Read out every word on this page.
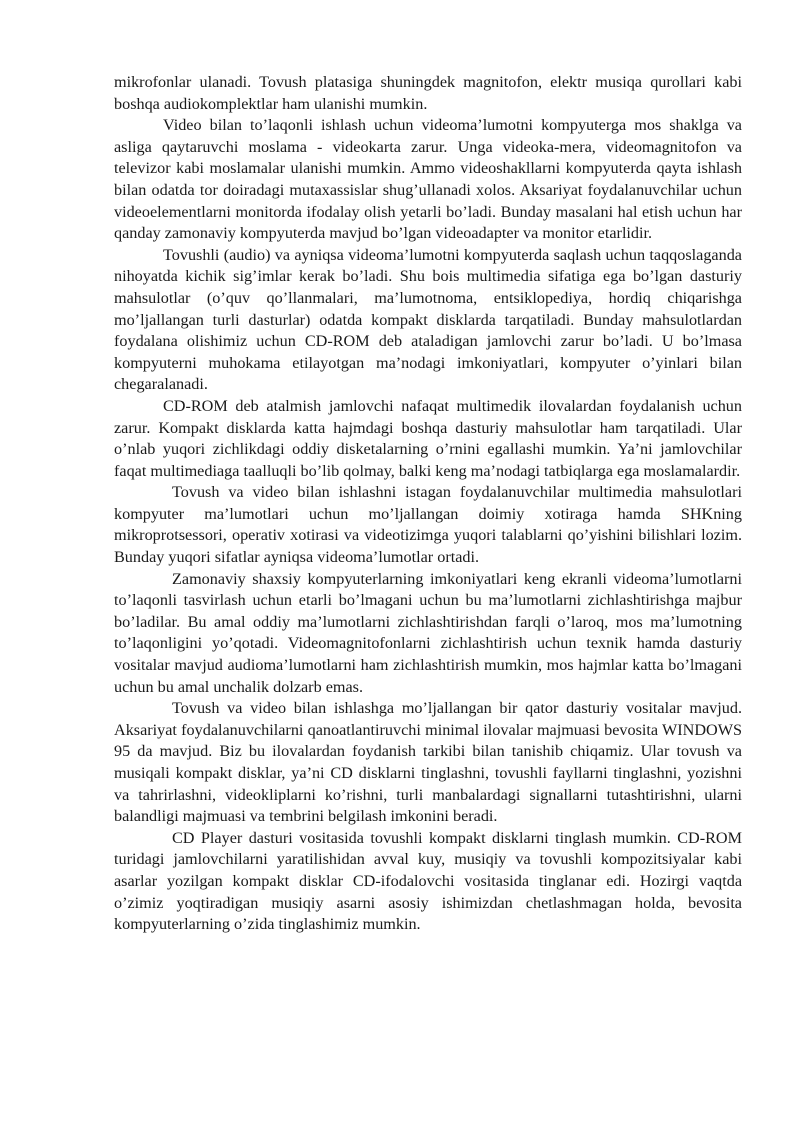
mikrofonlar ulanadi. Tovush platasiga shuningdek magnitofon, elektr musiqa qurollari kabi boshqa audiokomplektlar ham ulanishi mumkin.

Video bilan to’laqonli ishlash uchun videoma’lumotni kompyuterga mos shaklga va asliga qaytaruvchi moslama - videokarta zarur. Unga videoka-mera, videomagnitofon va televizor kabi moslamalar ulanishi mumkin. Ammo videoshakllarni kompyuterda qayta ishlash bilan odatda tor doiradagi mutaxassislar shug’ullanadi xolos. Aksariyat foydalanuvchilar uchun videoelementlarni monitorda ifodalay olish yetarli bo’ladi. Bunday masalani hal etish uchun har qanday zamonaviy kompyuterda mavjud bo’lgan videoadapter va monitor etarlidir.

Tovushli (audio) va ayniqsa videoma’lumotni kompyuterda saqlash uchun taqqoslaganda nihoyatda kichik sig’imlar kerak bo’ladi. Shu bois multimedia sifatiga ega bo’lgan dasturiy mahsulotlar (o’quv qo’llanmalari, ma’lumotnoma, entsiklopediya, hordiq chiqarishga mo’ljallangan turli dasturlar) odatda kompakt disklarda tarqatiladi. Bunday mahsulotlardan foydalana olishimiz uchun CD-ROM deb ataladigan jamlovchi zarur bo’ladi. U bo’lmasa kompyuterni muhokama etilayotgan ma’nodagi imkoniyatlari, kompyuter o’yinlari bilan chegaralanadi.

CD-ROM deb atalmish jamlovchi nafaqat multimedik ilovalardan foydalanish uchun zarur. Kompakt disklarda katta hajmdagi boshqa dasturiy mahsulotlar ham tarqatiladi. Ular o’nlab yuqori zichlikdagi oddiy disketalarning o’rnini egallashi mumkin. Ya’ni jamlovchilar faqat multimediaga taalluqli bo’lib qolmay, balki keng ma’nodagi tatbiqlarga ega moslamalardir.

Tovush va video bilan ishlashni istagan foydalanuvchilar multimedia mahsulotlari kompyuter ma’lumotlari uchun mo’ljallangan doimiy xotiraga hamda SHKning mikroprotsessori, operativ xotirasi va videotizimga yuqori talablarni qo’yishini bilishlari lozim. Bunday yuqori sifatlar ayniqsa videoma’lumotlar ortadi.

Zamonaviy shaxsiy kompyuterlarning imkoniyatlari keng ekranli videoma’lumotlarni to’laqonli tasvirlash uchun etarli bo’lmagani uchun bu ma’lumotlarni zichlashtirishga majbur bo’ladilar. Bu amal oddiy ma’lumotlarni zichlashtirishdan farqli o’laroq, mos ma’lumotning to’laqonligini yo’qotadi. Videomagnitofonlarni zichlashtirish uchun texnik hamda dasturiy vositalar mavjud audioma’lumotlarni ham zichlashtirish mumkin, mos hajmlar katta bo’lmagani uchun bu amal unchalik dolzarb emas.

Tovush va video bilan ishlashga mo’ljallangan bir qator dasturiy vositalar mavjud. Aksariyat foydalanuvchilarni qanoatlantiruvchi minimal ilovalar majmuasi bevosita WINDOWS 95 da mavjud. Biz bu ilovalardan foydanish tarkibi bilan tanishib chiqamiz. Ular tovush va musiqali kompakt disklar, ya’ni CD disklarni tinglashni, tovushli fayllarni tinglashni, yozishni va tahrirlashni, videokliplarni ko’rishni, turli manbalardagi signallarni tutashtirishni, ularni balandligi majmuasi va tembrini belgilash imkonini beradi.

CD Player dasturi vositasida tovushli kompakt disklarni tinglash mumkin. CD-ROM turidagi jamlovchilarni yaratilishidan avval kuy, musiqiy va tovushli kompozitsiyalar kabi asarlar yozilgan kompakt disklar CD-ifodalovchi vositasida tinglanar edi. Hozirgi vaqtda o’zimiz yoqtiradigan musiqiy asarni asosiy ishimizdan chetlashmagan holda, bevosita kompyuterlarning o’zida tinglashimiz mumkin.
